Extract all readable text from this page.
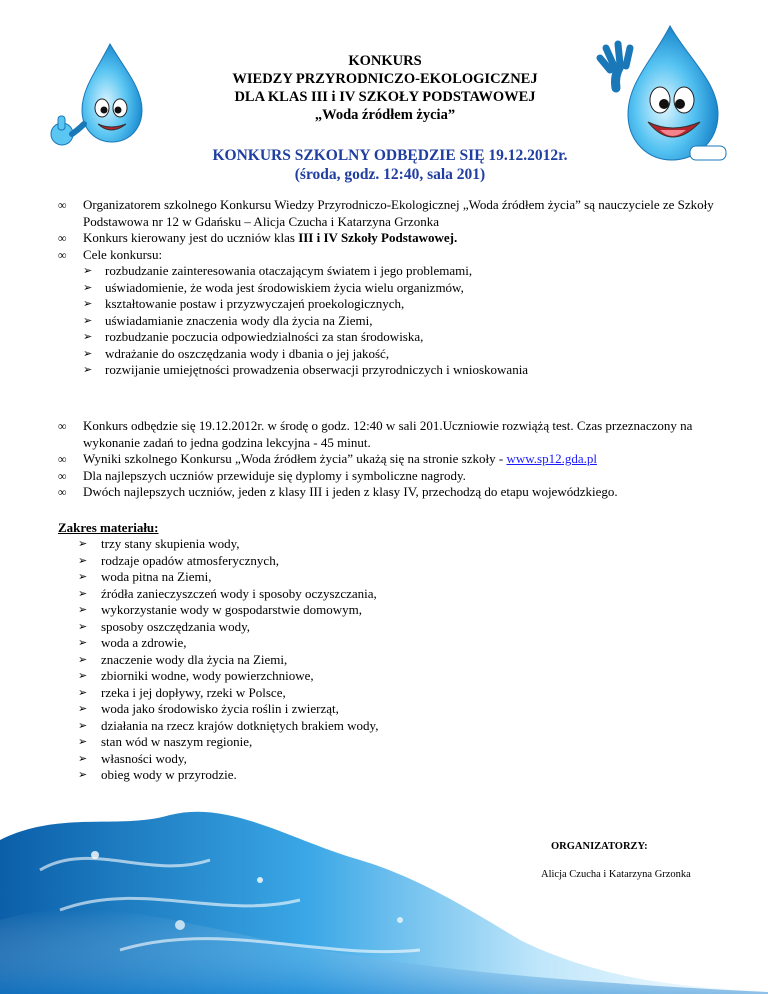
KONKURS
WIEDZY PRZYRODNICZO-EKOLOGICZNEJ
DLA KLAS III i IV SZKOŁY PODSTAWOWEJ
„Woda źródłem życia”
KONKURS SZKOLNY ODBĘDZIE SIĘ 19.12.2012r.
(środa, godz. 12:40, sala 201)
∞ Organizatorem szkolnego Konkursu Wiedzy Przyrodniczo-Ekologicznej „Woda źródłem życia” są nauczyciele ze Szkoły Podstawowa nr 12 w Gdańsku – Alicja Czucha i Katarzyna Grzonka
∞ Konkurs kierowany jest do uczniów klas III i IV Szkoły Podstawowej.
∞ Cele konkursu:
➢ rozbudzanie zainteresowania otaczającym światem i jego problemami,
➢ uświadomienie, że woda jest środowiskiem życia wielu organizmów,
➢ kształtowanie postaw i przyzwyczajeń proekologicznych,
➢ uświadamianie znaczenia wody dla życia na Ziemi,
➢ rozbudzanie poczucia odpowiedzialności za stan środowiska,
➢ wdrażanie do oszczędzania wody i dbania o jej jakość,
➢ rozwijanie umiejętności prowadzenia obserwacji przyrodniczych i wnioskowania
∞ Konkurs odbędzie się 19.12.2012r. w środę o godz. 12:40 w sali 201.Uczniowie rozwiążą test. Czas przeznaczony na wykonanie zadań to jedna godzina lekcyjna - 45 minut.
∞ Wyniki szkolnego Konkursu „Woda źródłem życia” ukażą się na stronie szkoły - www.sp12.gda.pl
∞ Dla najlepszych uczniów przewiduje się dyplomy i symboliczne nagrody.
∞ Dwóch najlepszych uczniów, jeden z klasy III i jeden z klasy IV, przechodzą do etapu wojewódzkiego.
Zakres materiału:
➢ trzy stany skupienia wody,
➢ rodzaje opadów atmosferycznych,
➢ woda pitna na Ziemi,
➢ źródła zanieczyszczeń wody i sposoby oczyszczania,
➢ wykorzystanie wody w gospodarstwie domowym,
➢ sposoby oszczędzania wody,
➢ woda a zdrowie,
➢ znaczenie wody dla życia na Ziemi,
➢ zbiorniki wodne, wody powierzchniowe,
➢ rzeka i jej dopływy, rzeki w Polsce,
➢ woda jako środowisko życia roślin i zwierząt,
➢ działania na rzecz krajów dotkniętych brakiem wody,
➢ stan wód w naszym regionie,
➢ własności wody,
➢ obieg wody w przyrodzie.
ORGANIZATORZY:
Alicja Czucha i Katarzyna Grzonka
